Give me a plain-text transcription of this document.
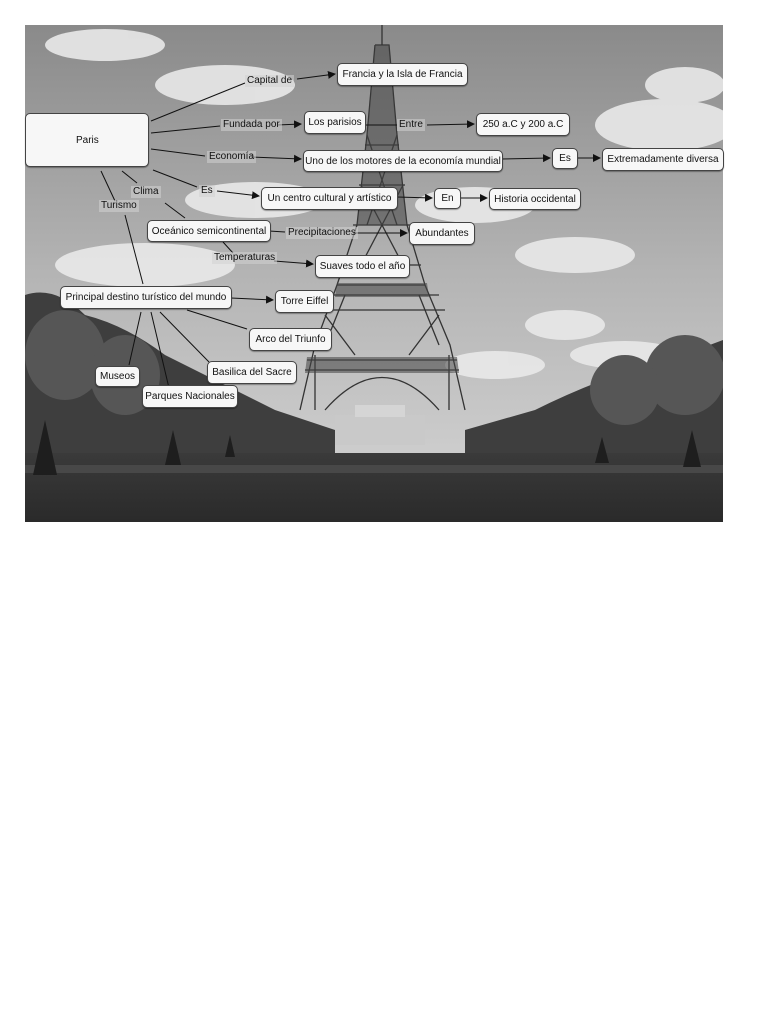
Paris
Francia y la Isla de Francia
Los parisios	250 a.C y 200 a.C
Uno de los motores de la economía mundial	Es	Extremadamente diversa
Un centro cultural y artístico	En	Historia occidental
Oceánico semicontinental	Abundantes
Suaves todo el año
Principal destino turístico del mundo	Torre Eiffel
Arco del Triunfo
Basilica del Sacre
Museos
Parques Nacionales
Capital de
Fundada por	Entre
Economía
Es
Clima
Turismo
Precipitaciones
Temperaturas
